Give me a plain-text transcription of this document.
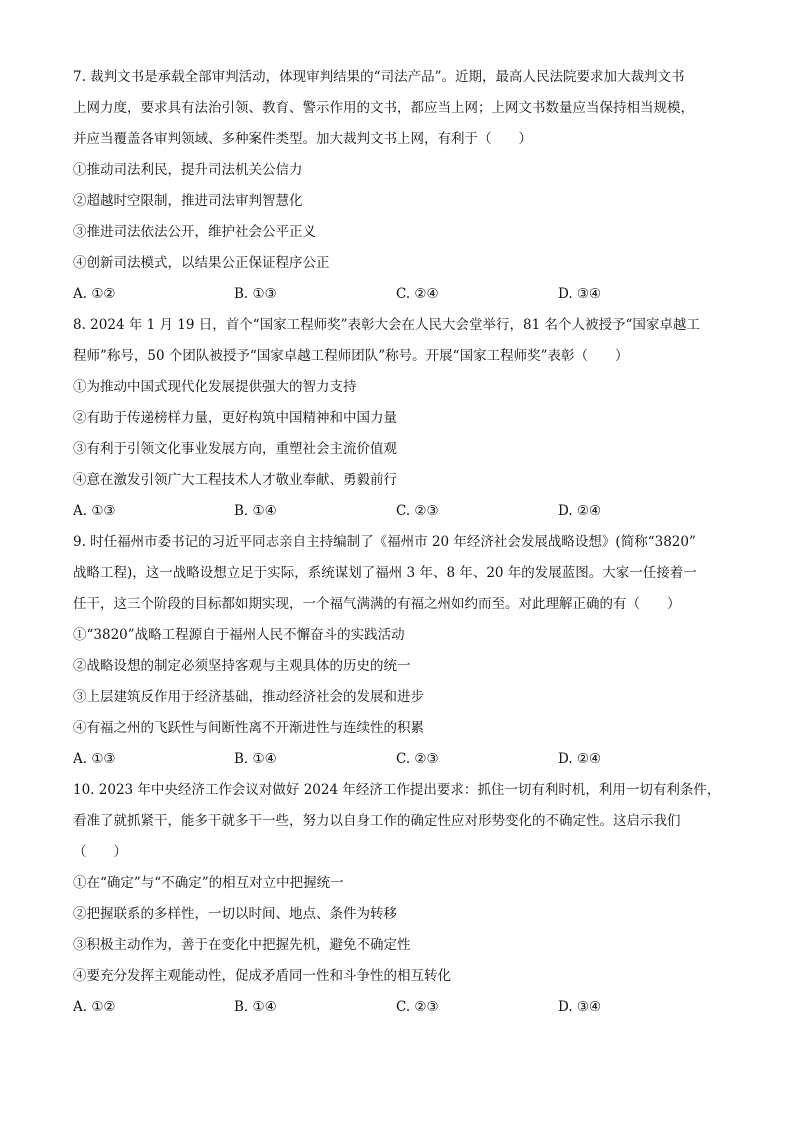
7. 裁判文书是承载全部审判活动，体现审判结果的“司法产品”。近期，最高人民法院要求加大裁判文书
上网力度，要求具有法治引领、教育、警示作用的文书，都应当上网；上网文书数量应当保持相当规模，
并应当覆盖各审判领域、多种案件类型。加大裁判文书上网，有利于（　　）
①推动司法利民，提升司法机关公信力
②超越时空限制，推进司法审判智慧化
③推进司法依法公开，维护社会公平正义
④创新司法模式，以结果公正保证程序公正
A. ①②	B. ①③	C. ②④	D. ③④
8. 2024 年 1 月 19 日，首个“国家工程师奖”表彰大会在人民大会堂举行，81 名个人被授予“国家卓越工
程师”称号，50 个团队被授予“国家卓越工程师团队”称号。开展“国家工程师奖”表彰（　　）
①为推动中国式现代化发展提供强大的智力支持
②有助于传递榜样力量，更好构筑中国精神和中国力量
③有利于引领文化事业发展方向，重塑社会主流价值观
④意在激发引领广大工程技术人才敬业奉献、勇毅前行
A. ①③	B. ①④	C. ②③	D. ②④
9. 时任福州市委书记的习近平同志亲自主持编制了《福州市 20 年经济社会发展战略设想》(简称“3820”
战略工程)，这一战略设想立足于实际，系统谋划了福州 3 年、8 年、20 年的发展蓝图。大家一任接着一
任干，这三个阶段的目标都如期实现，一个福气满满的有福之州如约而至。对此理解正确的有（　　）
①“3820”战略工程源自于福州人民不懈奋斗的实践活动
②战略设想的制定必须坚持客观与主观具体的历史的统一
③上层建筑反作用于经济基础，推动经济社会的发展和进步
④有福之州的飞跃性与间断性离不开渐进性与连续性的积累
A. ①③	B. ①④	C. ②③	D. ②④
10. 2023 年中央经济工作会议对做好 2024 年经济工作提出要求：抓住一切有利时机，利用一切有利条件，
看准了就抓紧干，能多干就多干一些，努力以自身工作的确定性应对形势变化的不确定性。这启示我们
（　　）
①在“确定”与“不确定”的相互对立中把握统一
②把握联系的多样性，一切以时间、地点、条件为转移
③积极主动作为，善于在变化中把握先机，避免不确定性
④要充分发挥主观能动性，促成矛盾同一性和斗争性的相互转化
A. ①②	B. ①④	C. ②③	D. ③④
